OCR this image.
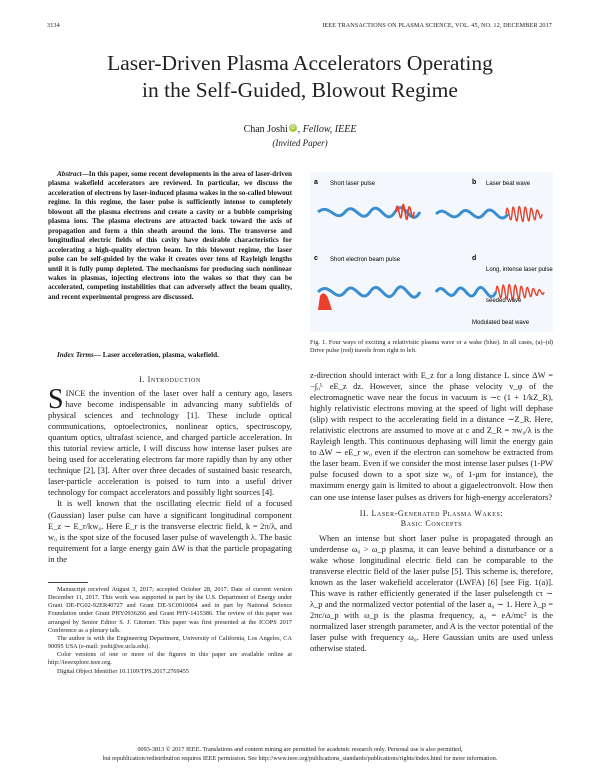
3134	IEEE TRANSACTIONS ON PLASMA SCIENCE, VOL. 45, NO. 12, DECEMBER 2017
Laser-Driven Plasma Accelerators Operating
in the Self-Guided, Blowout Regime
Chan Joshi iD , Fellow, IEEE
(Invited Paper)
Abstract—In this paper, some recent developments in the area of laser-driven plasma wakefield accelerators are reviewed. In particular, we discuss the acceleration of electrons by laser-induced plasma wakes in the so-called blowout regime. In this regime, the laser pulse is sufficiently intense to completely blowout all the plasma electrons and create a cavity or a bubble comprising plasma ions. The plasma electrons are attracted back toward the axis of propagation and form a thin sheath around the ions. The transverse and longitudinal electric fields of this cavity have desirable characteristics for accelerating a high-quality electron beam. In this blowout regime, the laser pulse can be self-guided by the wake it creates over tens of Rayleigh lengths until it is fully pump depleted. The mechanisms for producing such nonlinear wakes in plasmas, injecting electrons into the wakes so that they can be accelerated, competing instabilities that can adversely affect the beam quality, and recent experimental progress are discussed.
Index Terms— Laser acceleration, plasma, wakefield.
I. Introduction

SINCE the invention of the laser over half a century ago, lasers have become indispensable in advancing many subfields of physical sciences and technology [1]. These include optical communications, optoelectronics, nonlinear optics, spectroscopy, quantum optics, ultrafast science, and charged particle acceleration. In this tutorial review article, I will discuss how intense laser pulses are being used for accelerating electrons far more rapidly than by any other technique [2], [3]. After over three decades of sustained basic research, laser-particle acceleration is poised to turn into a useful driver technology for compact accelerators and possibly light sources [4].

It is well known that the oscillating electric field of a focused (Gaussian) laser pulse can have a significant longitudinal component E_z ∼ E_r/kw₀. Here E_r is the transverse electric field, k = 2π/λ, and w₀ is the spot size of the focused laser pulse of wavelength λ. The basic requirement for a large energy gain ΔW is that the particle propagating in the

Manuscript received August 3, 2017; accepted October 28, 2017. Date of current version December 11, 2017. This work was supported in part by the U.S. Department of Energy under Grant DE-FG02-92ER40727 and Grant DE-SC0010064 and in part by National Science Foundation under Grant PHY0936266 and Grant PHY-1415386. The review of this paper was arranged by Senior Editor S. J. Gitomer. This paper was first presented at the ICOPS 2017 Conference as a plenary talk.

The author is with the Engineering Department, University of California, Los Angeles, CA 90095 USA (e-mail: joshi@ee.ucla.edu).

Color versions of one or more of the figures in this paper are available online at http://ieeexplore.ieee.org.

Digital Object Identifier 10.1109/TPS.2017.2769455

a Short laser pulse	b Laser beat wave
c Short electron beam pulse	d
Long, intense laser pulse
seeded wave
Modulated beat wave
Fig. 1. Four ways of exciting a relativistic plasma wave or a wake (blue). In all cases, (a)–(d) Drive pulse (red) travels from right to left.

z-direction should interact with E_z for a long distance L since ΔW = −∫₀ᴸ eE_z dz. However, since the phase velocity v_φ of the electromagnetic wave near the focus in vacuum is ∼c (1 + 1/kZ_R), highly relativistic electrons moving at the speed of light will dephase (slip) with respect to the accelerating field in a distance ∼Z_R. Here, relativistic electrons are assumed to move at c and Z_R = πw₀/λ is the Rayleigh length. This continuous dephasing will limit the energy gain to ΔW ∼ eE_r w₀ even if the electron can somehow be extracted from the laser beam. Even if we consider the most intense laser pulses (1-PW pulse focused down to a spot size w₀ of 1-μm for instance), the maximum energy gain is limited to about a gigaelectronvolt. How then can one use intense laser pulses as drivers for high-energy accelerators?

II. Laser-Generated Plasma Wakes:
Basic Concepts

When an intense but short laser pulse is propagated through an underdense ω₀ > ω_p plasma, it can leave behind a disturbance or a wake whose longitudinal electric field can be comparable to the transverse electric field of the laser pulse [5]. This scheme is, therefore, known as the laser wakefield accelerator (LWFA) [6] [see Fig. 1(a)]. This wave is rather efficiently generated if the laser pulselength cτ ∼ λ_p and the normalized vector potential of the laser a₀ ∼ 1. Here λ_p = 2πc/ω_p with ω_p is the plasma frequency, a₀ = eA/mc² is the normalized laser strength parameter, and A is the vector potential of the laser pulse with frequency ω₀. Here Gaussian units are used unless otherwise stated.

0093-3813 © 2017 IEEE. Translations and content mining are permitted for academic research only. Personal use is also permitted,
but republication/redistribution requires IEEE permission. See http://www.ieee.org/publications_standards/publications/rights/index.html for more information.
